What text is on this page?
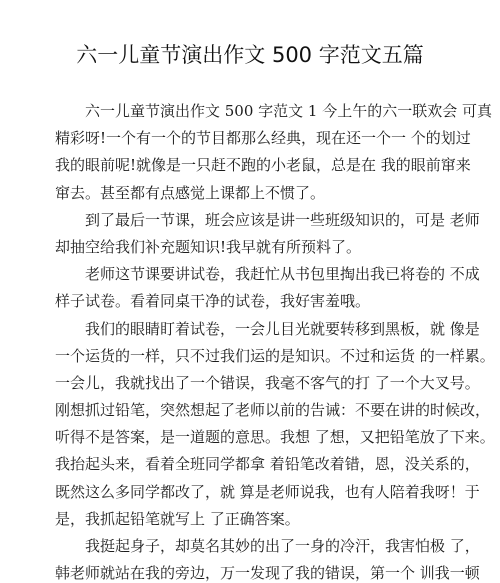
六一儿童节演出作文 500 字范文五篇
六一儿童节演出作文 500 字范文 1 今上午的六一联欢会 可真
精彩呀!一个有一个的节目都那么经典，现在还一个一 个的划过
我的眼前呢!就像是一只赶不跑的小老鼠，总是在 我的眼前窜来
窜去。甚至都有点感觉上课都上不惯了。
到了最后一节课，班会应该是讲一些班级知识的，可是 老师
却抽空给我们补充题知识!我早就有所预料了。
老师这节课要讲试卷，我赶忙从书包里掏出我已将卷的 不成
样子试卷。看着同桌干净的试卷，我好害羞哦。
我们的眼睛盯着试卷，一会儿目光就要转移到黑板，就 像是
一个运货的一样，只不过我们运的是知识。不过和运货 的一样累。
一会儿，我就找出了一个错误，我毫不客气的打 了一个大叉号。
刚想抓过铅笔，突然想起了老师以前的告诫：不要在讲的时候改，
听得不是答案，是一道题的意思。我想 了想，又把铅笔放了下来。
我抬起头来，看着全班同学都拿 着铅笔改着错，恩，没关系的，
既然这么多同学都改了，就 算是老师说我，也有人陪着我呀！于
是，我抓起铅笔就写上 了正确答案。
我挺起身子，却莫名其妙的出了一身的冷汗，我害怕极 了，
韩老师就站在我的旁边，万一发现了我的错误，第一个 训我一顿
